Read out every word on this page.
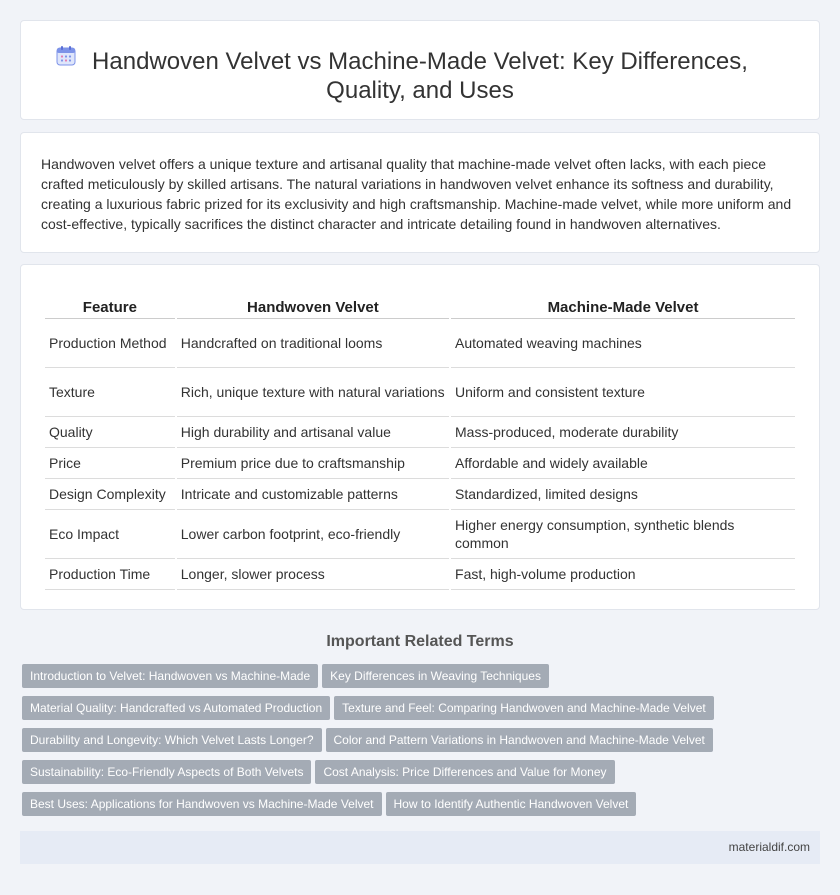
Handwoven Velvet vs Machine-Made Velvet: Key Differences, Quality, and Uses

Handwoven velvet offers a unique texture and artisanal quality that machine-made velvet often lacks, with each piece crafted meticulously by skilled artisans. The natural variations in handwoven velvet enhance its softness and durability, creating a luxurious fabric prized for its exclusivity and high craftsmanship. Machine-made velvet, while more uniform and cost-effective, typically sacrifices the distinct character and intricate detailing found in handwoven alternatives.

Feature	Handwoven Velvet	Machine-Made Velvet
Production Method	Handcrafted on traditional looms	Automated weaving machines
Texture	Rich, unique texture with natural variations	Uniform and consistent texture
Quality	High durability and artisanal value	Mass-produced, moderate durability
Price	Premium price due to craftsmanship	Affordable and widely available
Design Complexity	Intricate and customizable patterns	Standardized, limited designs
Eco Impact	Lower carbon footprint, eco-friendly	Higher energy consumption, synthetic blends common
Production Time	Longer, slower process	Fast, high-volume production
Important Related Terms
Introduction to Velvet: Handwoven vs Machine-Made Key Differences in Weaving Techniques
Material Quality: Handcrafted vs Automated Production Texture and Feel: Comparing Handwoven and Machine-Made Velvet
Durability and Longevity: Which Velvet Lasts Longer? Color and Pattern Variations in Handwoven and Machine-Made Velvet
Sustainability: Eco-Friendly Aspects of Both Velvets Cost Analysis: Price Differences and Value for Money
Best Uses: Applications for Handwoven vs Machine-Made Velvet How to Identify Authentic Handwoven Velvet
materialdif.com
